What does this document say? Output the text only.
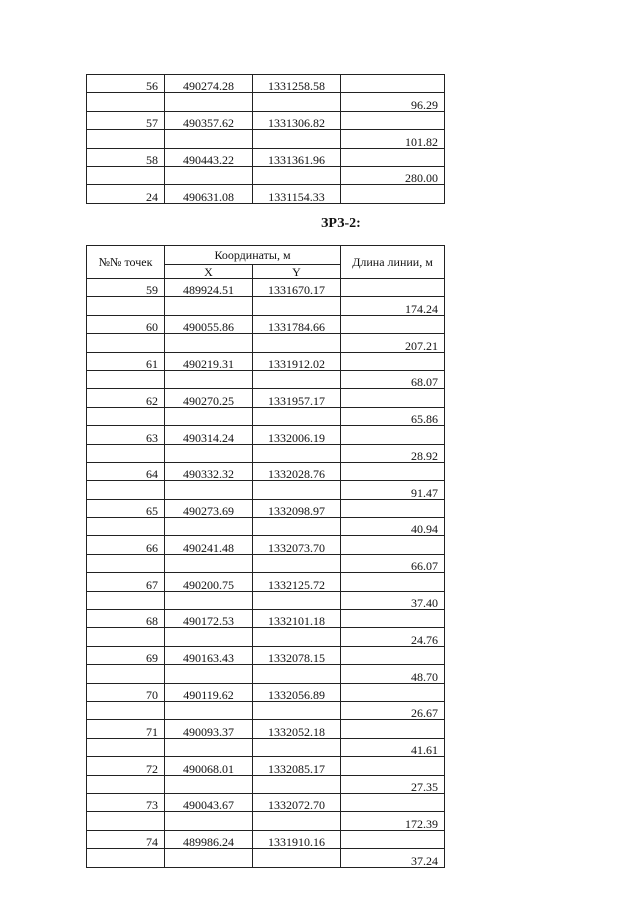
56	490274.28	1331258.58	
			96.29
57	490357.62	1331306.82	
			101.82
58	490443.22	1331361.96	
			280.00
24	490631.08	1331154.33	
ЗРЗ-2:
№№ точек	Координаты, м		Длина линии, м
	X	Y	
59	489924.51	1331670.17	
			174.24
60	490055.86	1331784.66	
			207.21
61	490219.31	1331912.02	
			68.07
62	490270.25	1331957.17	
			65.86
63	490314.24	1332006.19	
			28.92
64	490332.32	1332028.76	
			91.47
65	490273.69	1332098.97	
			40.94
66	490241.48	1332073.70	
			66.07
67	490200.75	1332125.72	
			37.40
68	490172.53	1332101.18	
			24.76
69	490163.43	1332078.15	
			48.70
70	490119.62	1332056.89	
			26.67
71	490093.37	1332052.18	
			41.61
72	490068.01	1332085.17	
			27.35
73	490043.67	1332072.70	
			172.39
74	489986.24	1331910.16	
			37.24
